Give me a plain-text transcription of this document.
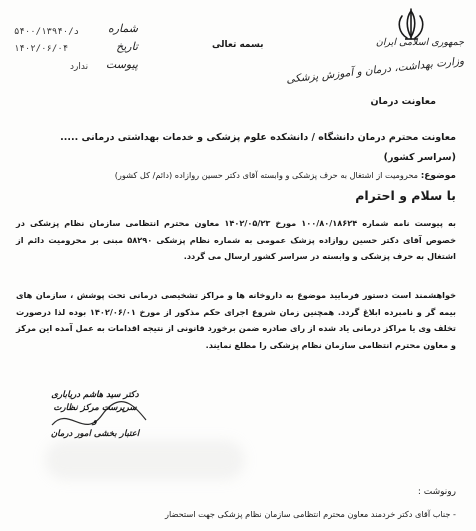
جمهوری اسلامی ایران
وزارت بهداشت، درمان و آموزش پزشکی
معاونت درمان
بسمه تعالی
شماره
۵د/۴۰۰/۱۳۹۴۰
تاریخ
۱۴۰۲/۰۶/۰۴
پیوست
ندارد
معاونت محترم درمان دانشگاه / دانشکده علوم پزشکی و خدمات بهداشتی درمانی .....
(سراسر کشور)
موضوع: محرومیت از اشتغال به حرف پزشکی و وابسته آقای دکتر حسین روازاده (دائم/ کل کشور)
با سلام و احترام
به پیوست نامه شماره ۱۰۰/۸۰/۱۸۶۲۴ مورخ ۱۴۰۲/۰۵/۲۳ معاون محترم انتظامی سازمان نظام پزشکی در خصوص آقای دکتر حسین روازاده پزشک عمومی به شماره نظام پزشکی ۵۸۲۹۰ مبنی بر محرومیت دائم از اشتغال به حرف پزشکی و وابسته در سراسر کشور ارسال می گردد.
خواهشمند است دستور فرمایید موضوع به داروخانه ها و مراکز تشخیصی درمانی تحت پوشش ، سازمان های بیمه گر و نامبرده ابلاغ گردد. همچنین زمان شروع اجرای حکم مذکور از مورخ ۱۴۰۲/۰۶/۰۱ بوده لذا درصورت تخلف وی یا مراکز درمانی یاد شده از رای صادره ضمن برخورد قانونی از نتیجه اقدامات به عمل آمده این مرکز و معاون محترم انتظامی سازمان نظام پزشکی را مطلع نمایند.
دکتر سید هاشم دریاباری
سرپرست مرکز نظارت و
اعتبار بخشی امور درمان
رونوشت :
- جناب آقای دکتر خردمند معاون محترم انتظامی سازمان نظام پزشکی جهت استحضار
